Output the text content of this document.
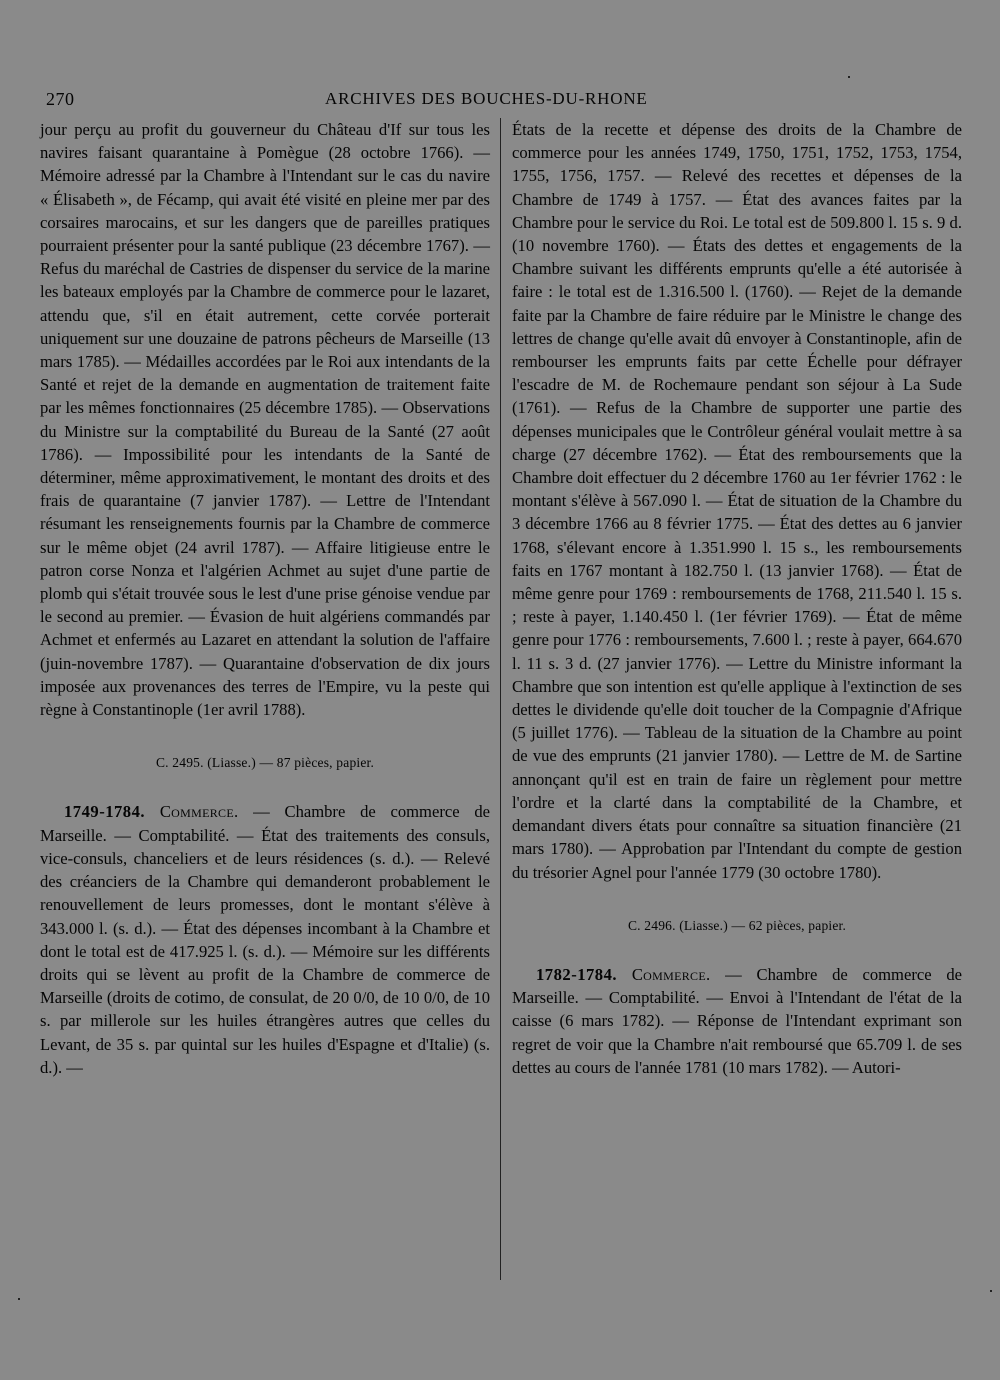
270	ARCHIVES DES BOUCHES-DU-RHONE

jour perçu au profit du gouverneur du Château d'If sur tous les navires faisant quarantaine à Pomègue (28 octobre 1766). — Mémoire adressé par la Chambre à l'Intendant sur le cas du navire « Élisabeth », de Fécamp, qui avait été visité en pleine mer par des corsaires marocains, et sur les dangers que de pareilles pratiques pourraient présenter pour la santé publique (23 décembre 1767). — Refus du maréchal de Castries de dispenser du service de la marine les bateaux employés par la Chambre de commerce pour le lazaret, attendu que, s'il en était autrement, cette corvée porterait uniquement sur une douzaine de patrons pêcheurs de Marseille (13 mars 1785). — Médailles accordées par le Roi aux intendants de la Santé et rejet de la demande en augmentation de traitement faite par les mêmes fonctionnaires (25 décembre 1785). — Observations du Ministre sur la comptabilité du Bureau de la Santé (27 août 1786). — Impossibilité pour les intendants de la Santé de déterminer, même approximativement, le montant des droits et des frais de quarantaine (7 janvier 1787). — Lettre de l'Intendant résumant les renseignements fournis par la Chambre de commerce sur le même objet (24 avril 1787). — Affaire litigieuse entre le patron corse Nonza et l'algérien Achmet au sujet d'une partie de plomb qui s'était trouvée sous le lest d'une prise génoise vendue par le second au premier. — Évasion de huit algériens commandés par Achmet et enfermés au Lazaret en attendant la solution de l'affaire (juin-novembre 1787). — Quarantaine d'observation de dix jours imposée aux provenances des terres de l'Empire, vu la peste qui règne à Constantinople (1er avril 1788).

C. 2495. (Liasse.) — 87 pièces, papier.

1749-1784. Commerce. — Chambre de commerce de Marseille. — Comptabilité. — État des traitements des consuls, vice-consuls, chanceliers et de leurs résidences (s. d.). — Relevé des créanciers de la Chambre qui demanderont probablement le renouvellement de leurs promesses, dont le montant s'élève à 343.000 l. (s. d.). — État des dépenses incombant à la Chambre et dont le total est de 417.925 l. (s. d.). — Mémoire sur les différents droits qui se lèvent au profit de la Chambre de commerce de Marseille (droits de cotimo, de consulat, de 20 0/0, de 10 0/0, de 10 s. par millerole sur les huiles étrangères autres que celles du Levant, de 35 s. par quintal sur les huiles d'Espagne et d'Italie) (s. d.). —

États de la recette et dépense des droits de la Chambre de commerce pour les années 1749, 1750, 1751, 1752, 1753, 1754, 1755, 1756, 1757. — Relevé des recettes et dépenses de la Chambre de 1749 à 1757. — État des avances faites par la Chambre pour le service du Roi. Le total est de 509.800 l. 15 s. 9 d. (10 novembre 1760). — États des dettes et engagements de la Chambre suivant les différents emprunts qu'elle a été autorisée à faire : le total est de 1.316.500 l. (1760). — Rejet de la demande faite par la Chambre de faire réduire par le Ministre le change des lettres de change qu'elle avait dû envoyer à Constantinople, afin de rembourser les emprunts faits par cette Échelle pour défrayer l'escadre de M. de Rochemaure pendant son séjour à La Sude (1761). — Refus de la Chambre de supporter une partie des dépenses municipales que le Contrôleur général voulait mettre à sa charge (27 décembre 1762). — État des remboursements que la Chambre doit effectuer du 2 décembre 1760 au 1er février 1762 : le montant s'élève à 567.090 l. — État de situation de la Chambre du 3 décembre 1766 au 8 février 1775. — État des dettes au 6 janvier 1768, s'élevant encore à 1.351.990 l. 15 s., les remboursements faits en 1767 montant à 182.750 l. (13 janvier 1768). — État de même genre pour 1769 : remboursements de 1768, 211.540 l. 15 s. ; reste à payer, 1.140.450 l. (1er février 1769). — État de même genre pour 1776 : remboursements, 7.600 l. ; reste à payer, 664.670 l. 11 s. 3 d. (27 janvier 1776). — Lettre du Ministre informant la Chambre que son intention est qu'elle applique à l'extinction de ses dettes le dividende qu'elle doit toucher de la Compagnie d'Afrique (5 juillet 1776). — Tableau de la situation de la Chambre au point de vue des emprunts (21 janvier 1780). — Lettre de M. de Sartine annonçant qu'il est en train de faire un règlement pour mettre l'ordre et la clarté dans la comptabilité de la Chambre, et demandant divers états pour connaître sa situation financière (21 mars 1780). — Approbation par l'Intendant du compte de gestion du trésorier Agnel pour l'année 1779 (30 octobre 1780).

C. 2496. (Liasse.) — 62 pièces, papier.

1782-1784. Commerce. — Chambre de commerce de Marseille. — Comptabilité. — Envoi à l'Intendant de l'état de la caisse (6 mars 1782). — Réponse de l'Intendant exprimant son regret de voir que la Chambre n'ait remboursé que 65.709 l. de ses dettes au cours de l'année 1781 (10 mars 1782). — Autori-
